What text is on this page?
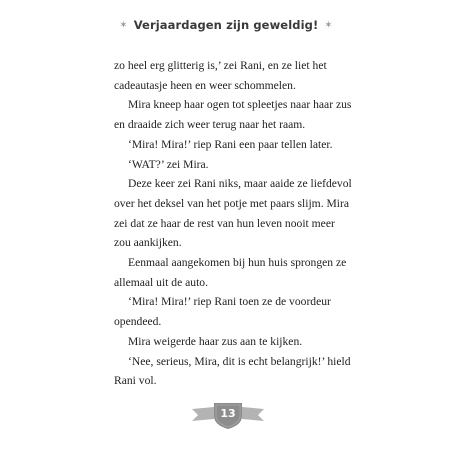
✶ Verjaardagen zijn geweldig! ✶

zo heel erg glitterig is,’ zei Rani, en ze liet het

cadeautasje heen en weer schommelen.

Mira kneep haar ogen tot spleetjes naar haar zus

en draaide zich weer terug naar het raam.

‘Mira! Mira!’ riep Rani een paar tellen later.

‘WAT?’ zei Mira.

Deze keer zei Rani niks, maar aaide ze liefdevol

over het deksel van het potje met paars slijm. Mira

zei dat ze haar de rest van hun leven nooit meer

zou aankijken.

Eenmaal aangekomen bij hun huis sprongen ze

allemaal uit de auto.

‘Mira! Mira!’ riep Rani toen ze de voordeur

opendeed.

Mira weigerde haar zus aan te kijken.

‘Nee, serieus, Mira, dit is echt belangrijk!’ hield

Rani vol.

13
